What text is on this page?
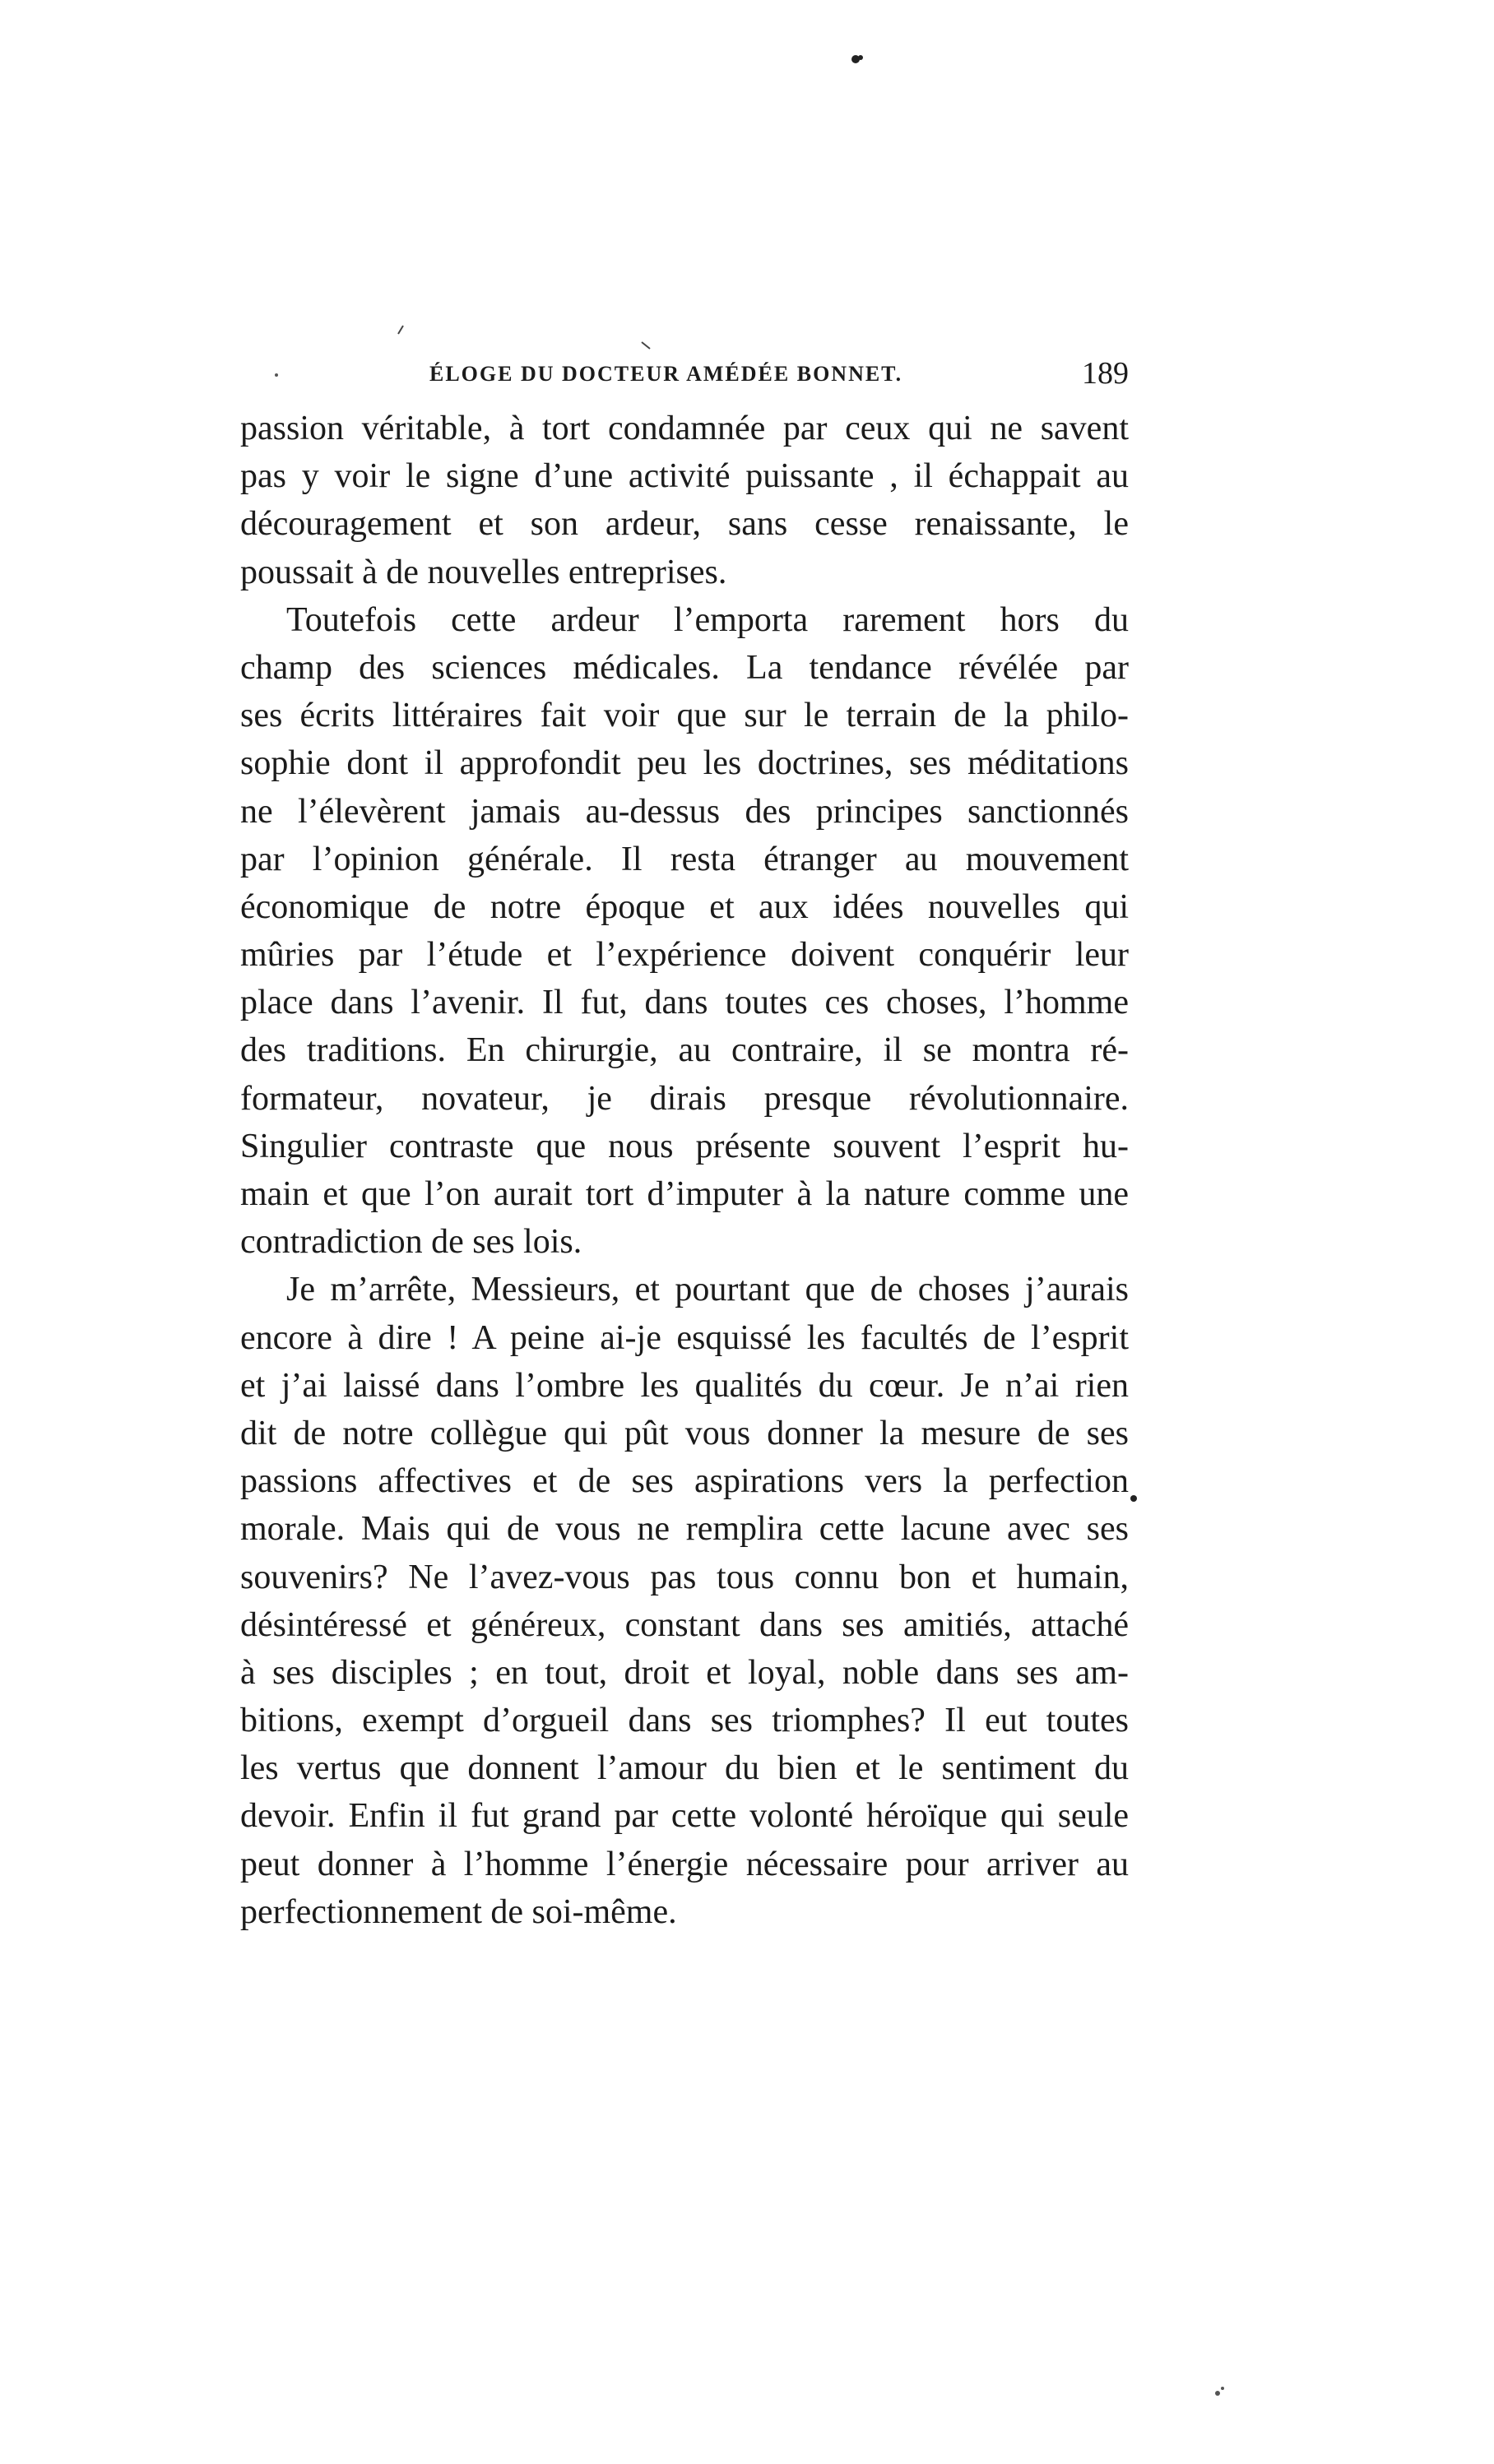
ÉLOGE DU DOCTEUR AMÉDÉE BONNET.	189
passion véritable, à tort condamnée par ceux qui ne savent
pas y voir le signe d’une activité puissante , il échappait au
découragement et son ardeur, sans cesse renaissante, le
poussait à de nouvelles entreprises.
Toutefois cette ardeur l’emporta rarement hors du
champ des sciences médicales. La tendance révélée par
ses écrits littéraires fait voir que sur le terrain de la philo-
sophie dont il approfondit peu les doctrines, ses méditations
ne l’élevèrent jamais au-dessus des principes sanctionnés
par l’opinion générale. Il resta étranger au mouvement
économique de notre époque et aux idées nouvelles qui
mûries par l’étude et l’expérience doivent conquérir leur
place dans l’avenir. Il fut, dans toutes ces choses, l’homme
des traditions. En chirurgie, au contraire, il se montra ré-
formateur, novateur, je dirais presque révolutionnaire.
Singulier contraste que nous présente souvent l’esprit hu-
main et que l’on aurait tort d’imputer à la nature comme une
contradiction de ses lois.
Je m’arrête, Messieurs, et pourtant que de choses j’aurais
encore à dire ! A peine ai-je esquissé les facultés de l’esprit
et j’ai laissé dans l’ombre les qualités du cœur. Je n’ai rien
dit de notre collègue qui pût vous donner la mesure de ses
passions affectives et de ses aspirations vers la perfection
morale. Mais qui de vous ne remplira cette lacune avec ses
souvenirs? Ne l’avez-vous pas tous connu bon et humain,
désintéressé et généreux, constant dans ses amitiés, attaché
à ses disciples ; en tout, droit et loyal, noble dans ses am-
bitions, exempt d’orgueil dans ses triomphes? Il eut toutes
les vertus que donnent l’amour du bien et le sentiment du
devoir. Enfin il fut grand par cette volonté héroïque qui seule
peut donner à l’homme l’énergie nécessaire pour arriver au
perfectionnement de soi-même.
